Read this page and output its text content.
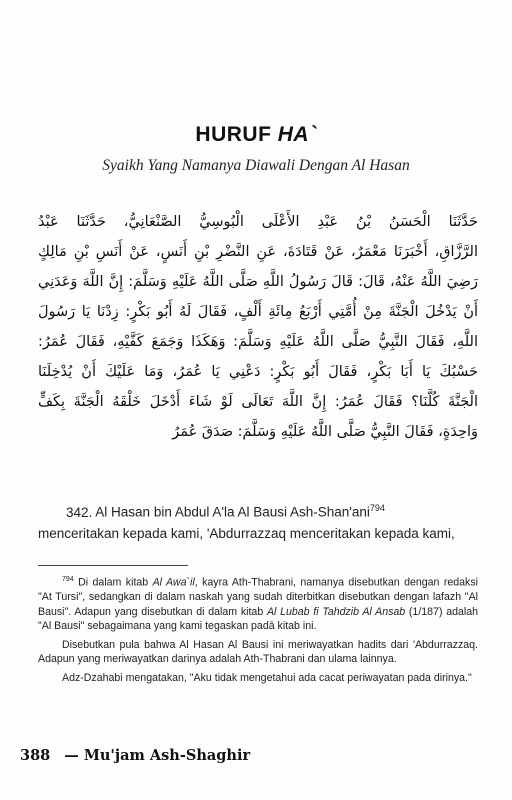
HURUF HA`
Syaikh Yang Namanya Diawali Dengan Al Hasan
حَدَّثَنَا الْحَسَنُ بْنُ عَبْدِ الأَعْلَى الْبُوسِيُّ الصَّنْعَانِيُّ، حَدَّثَنَا عَبْدُ
الرَّزَّاقِ، أَخْبَرَنَا مَعْمَرٌ، عَنْ قَتَادَةَ، عَنِ النَّضْرِ بْنِ أَنَسٍ، عَنْ أَنَسِ بْنِ مَالِكٍ
رَضِيَ اللَّهُ عَنْهُ، قَالَ: قَالَ رَسُولُ اللَّهِ صَلَّى اللَّهُ عَلَيْهِ وَسَلَّمَ: إِنَّ اللَّهَ وَعَدَنِي
أَنْ يَدْخُلَ الْجَنَّةَ مِنْ أُمَّتِي أَرْبَعُ مِائَةِ أَلْفٍ، فَقَالَ لَهُ أَبُو بَكْرٍ: زِدْنَا يَا رَسُولَ
اللَّهِ، فَقَالَ النَّبِيُّ صَلَّى اللَّهُ عَلَيْهِ وَسَلَّمَ: وَهَكَذَا وَجَمَعَ كَفَّيْهِ، فَقَالَ عُمَرُ:
حَسْبُكَ يَا أَبَا بَكْرٍ، فَقَالَ أَبُو بَكْرٍ: دَعْنِي يَا عُمَرُ، وَمَا عَلَيْكَ أَنْ يُدْخِلَنَا
الْجَنَّةَ كُلَّنَا؟ فَقَالَ عُمَرُ: إِنَّ اللَّهَ تَعَالَى لَوْ شَاءَ أَدْخَلَ خَلْقَهُ الْجَنَّةَ بِكَفٍّ
وَاحِدَةٍ، فَقَالَ النَّبِيُّ صَلَّى اللَّهُ عَلَيْهِ وَسَلَّمَ: صَدَقَ عُمَرُ
342. Al Hasan bin Abdul A'la Al Bausi Ash-Shan'ani$^{794}$
menceritakan kepada kami, 'Abdurrazzaq menceritakan kepada kami,

$^{794}$ Di dalam kitab Al Awa`il, kayra Ath-Thabrani, namanya disebutkan dengan redaksi "At Tursi", sedangkan di dalam naskah yang sudah diterbitkan disebutkan dengan lafazh "Al Bausi". Adapun yang disebutkan di dalam kitab Al Lubab fi Tahdzib Al Ansab (1/187) adalah "Al Bausi" sebagaimana yang kami tegaskan padā kitab ini.

Disebutkan pula bahwa Al Hasan Al Bausi ini meriwayatkan hadits dari 'Abdurrazzaq. Adapun yang meriwayatkan darinya adalah Ath-Thabrani dan ulama lainnya.

Adz-Dzahabi mengatakan, "Aku tidak mengetahui ada cacat periwayatan pada dirinya."

388 — Mu'jam Ash-Shaghir
